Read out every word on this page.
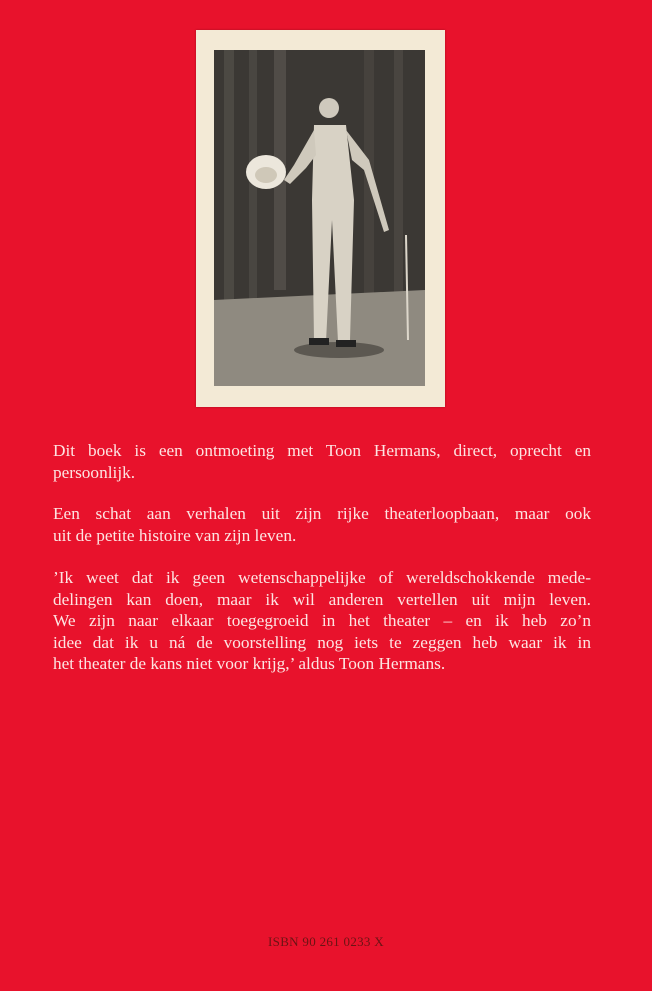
Dit boek is een ontmoeting met Toon Hermans, direct, oprecht en
persoonlijk.
Een schat aan verhalen uit zijn rijke theaterloopbaan, maar ook
uit de petite histoire van zijn leven.
’Ik weet dat ik geen wetenschappelijke of wereldschokkende mede-
delingen kan doen, maar ik wil anderen vertellen uit mijn leven.
We zijn naar elkaar toegegroeid in het theater – en ik heb zo’n
idee dat ik u ná de voorstelling nog iets te zeggen heb waar ik in
het theater de kans niet voor krijg,’ aldus Toon Hermans.
ISBN 90 261 0233 X
